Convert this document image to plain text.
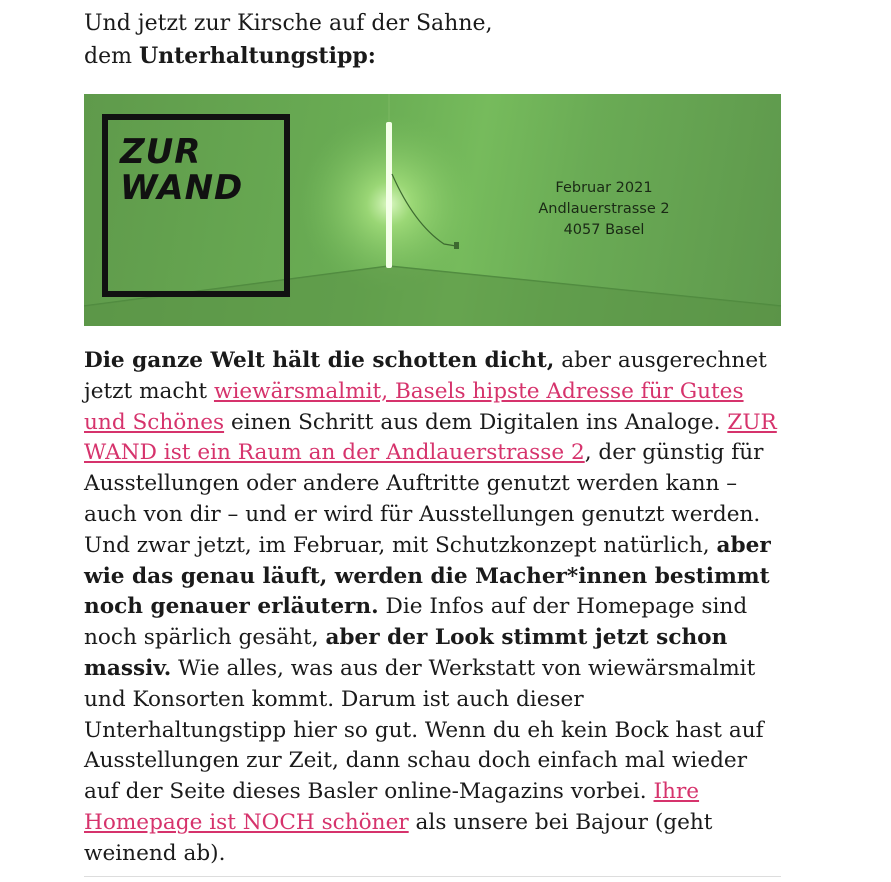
Und jetzt zur Kirsche auf der Sahne,
dem Unterhaltungstipp:
ZUR
WAND	Februar 2021
Andlauerstrasse 2
4057 Basel
Die ganze Welt hält die schotten dicht, aber ausgerechnet jetzt macht wiewärsmalmit, Basels hipste Adresse für Gutes und Schönes einen Schritt aus dem Digitalen ins Analoge. ZUR WAND ist ein Raum an der Andlauerstrasse 2, der günstig für Ausstellungen oder andere Auftritte genutzt werden kann – auch von dir – und er wird für Ausstellungen genutzt werden. Und zwar jetzt, im Februar, mit Schutzkonzept natürlich, aber wie das genau läuft, werden die Macher*innen bestimmt noch genauer erläutern. Die Infos auf der Homepage sind noch spärlich gesäht, aber der Look stimmt jetzt schon massiv. Wie alles, was aus der Werkstatt von wiewärsmalmit und Konsorten kommt. Darum ist auch dieser Unterhaltungstipp hier so gut. Wenn du eh kein Bock hast auf Ausstellungen zur Zeit, dann schau doch einfach mal wieder auf der Seite dieses Basler online-Magazins vorbei. Ihre Homepage ist NOCH schöner als unsere bei Bajour (geht weinend ab).
